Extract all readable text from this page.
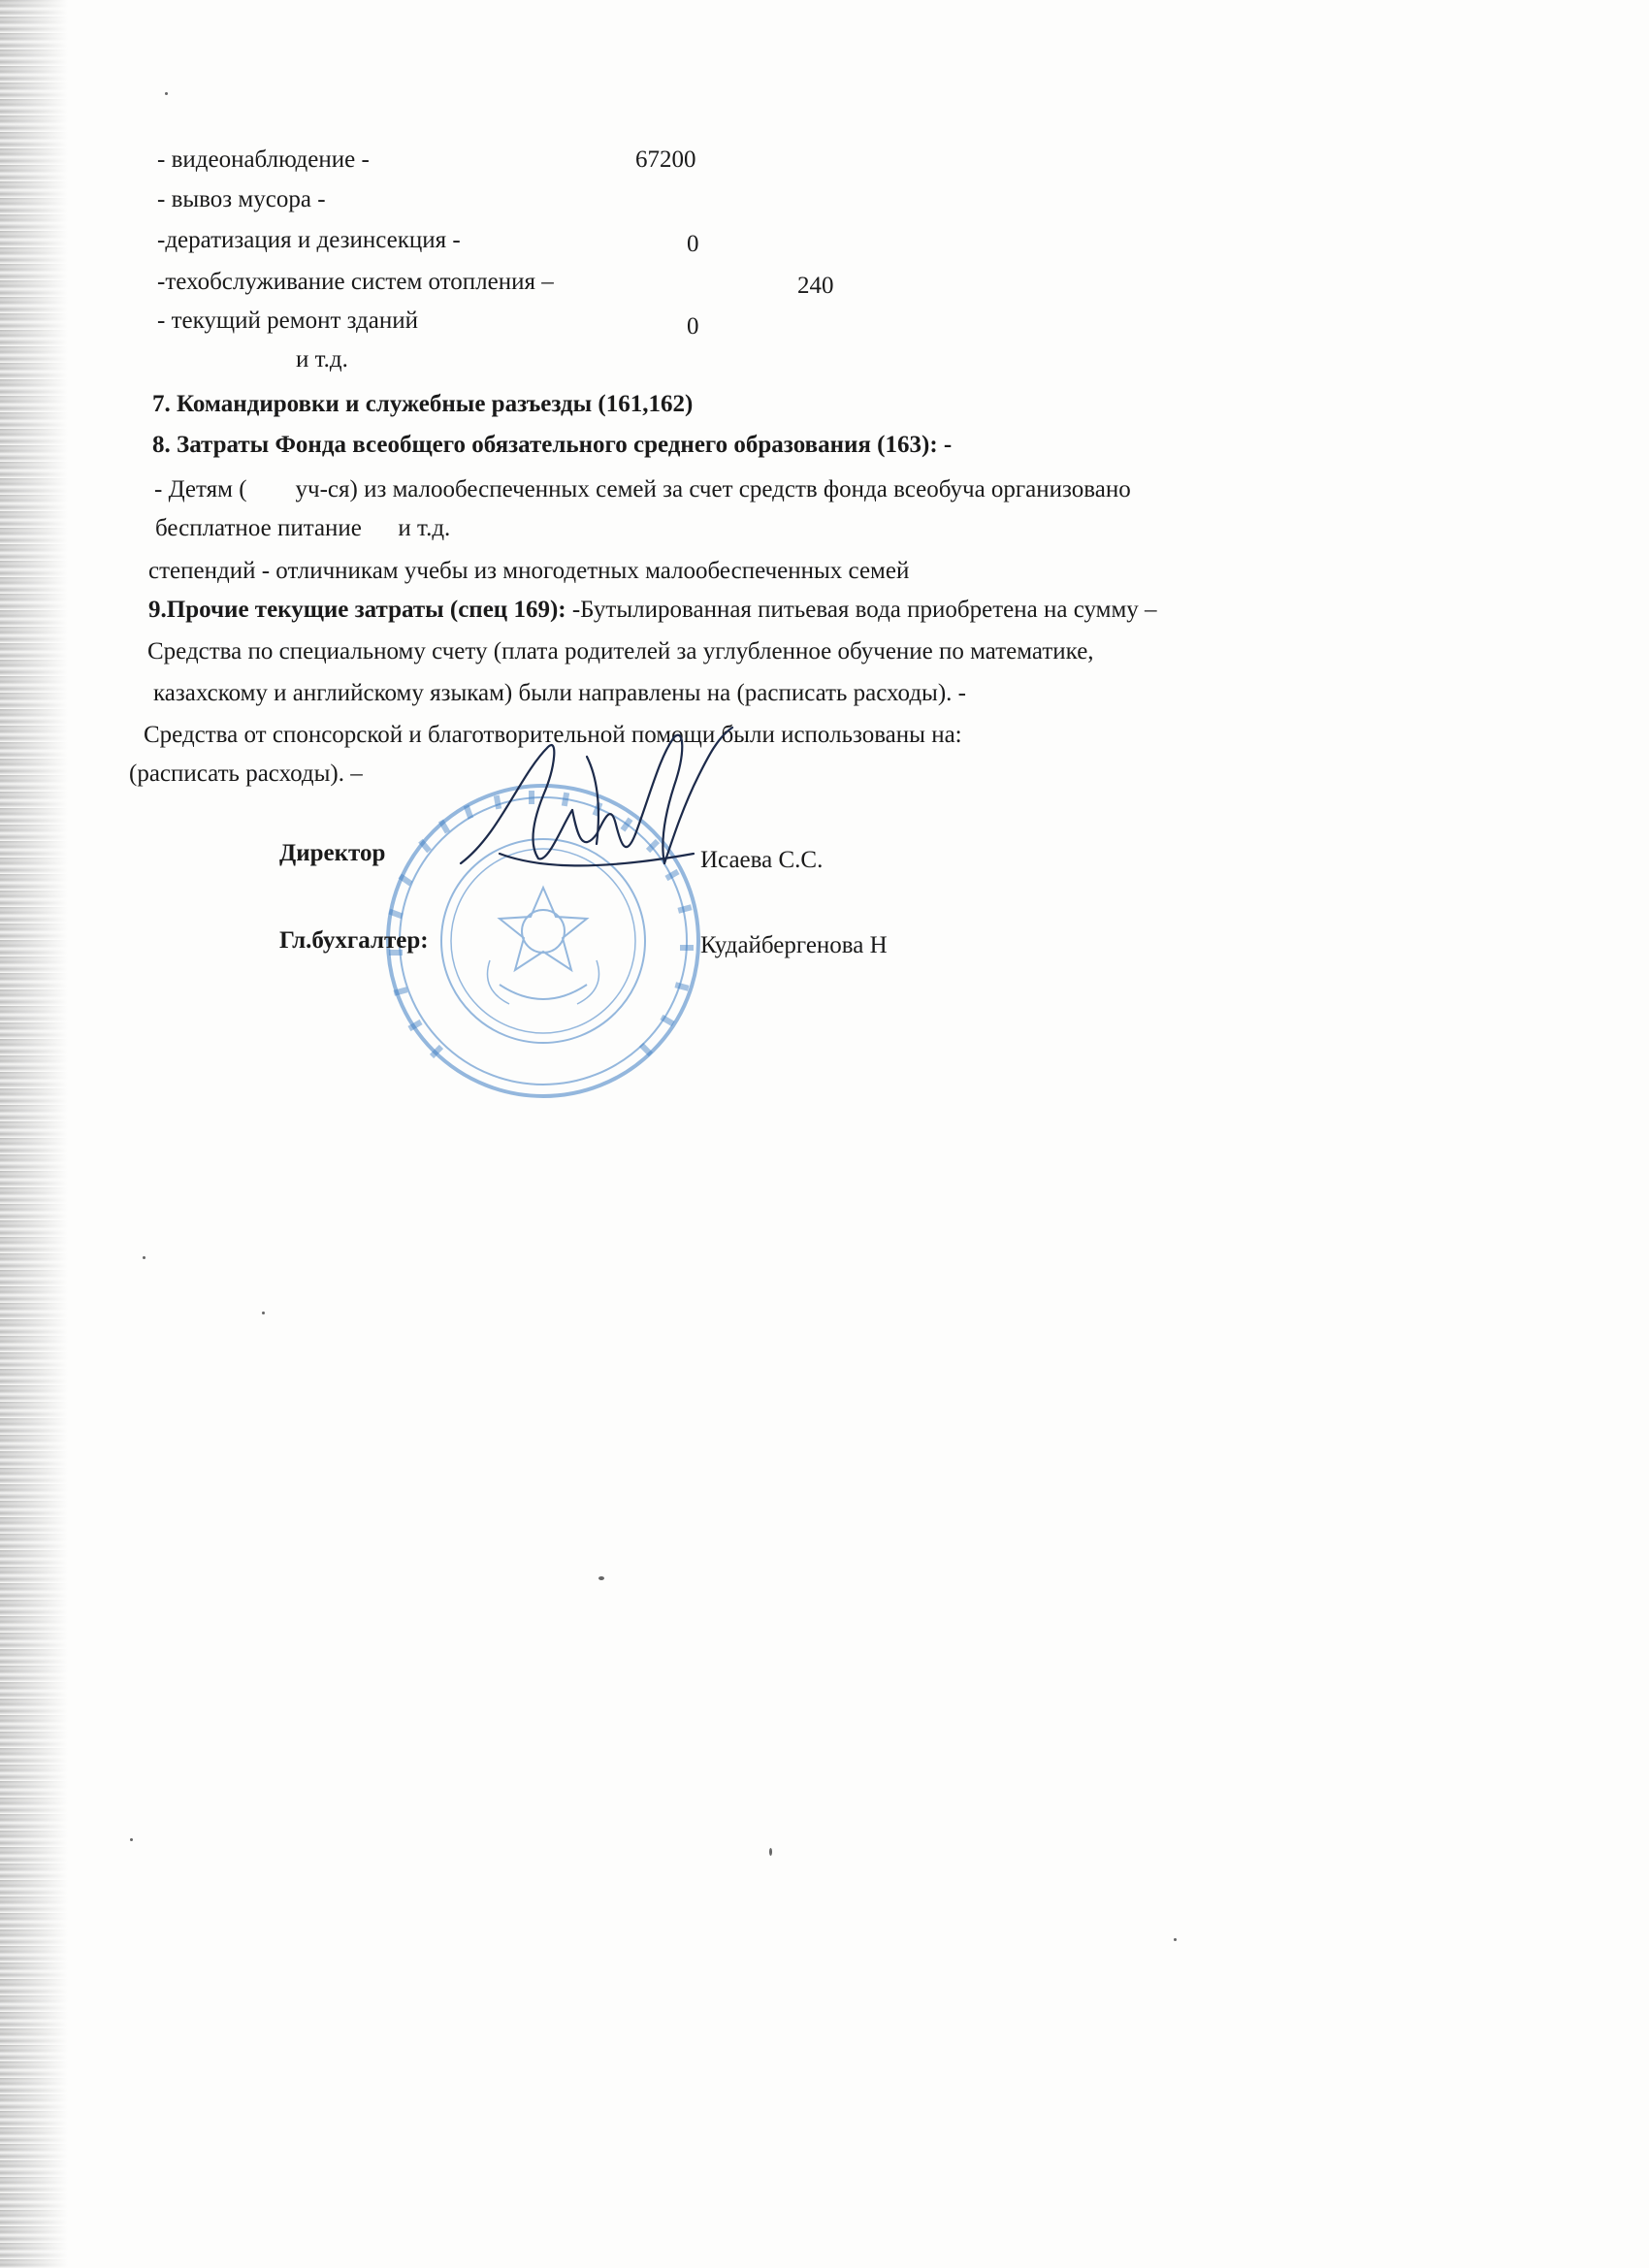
- видеонаблюдение -	67200
- вывоз мусора -
-дератизация и дезинсекция -	0
-техобслуживание систем отопления –	240
- текущий ремонт зданий	0
и т.д.
7. Командировки и служебные разъезды (161,162)
8. Затраты Фонда всеобщего обязательного среднего образования (163): -
- Детям (        уч-ся) из малообеспеченных семей за счет средств фонда всеобуча организовано
бесплатное питание      и т.д.
степендий - отличникам учебы из многодетных малообеспеченных семей
9.Прочие текущие затраты (спец 169): -Бутылированная питьевая вода приобретена на сумму –
Средства по специальному счету (плата родителей за углубленное обучение по математике,
казахскому и английскому языкам) были направлены на (расписать расходы). -
Средства от спонсорской и благотворительной помощи были использованы на:
(расписать расходы). –
Директор	Исаева С.С.
Гл.бухгалтер:	Кудайбергенова Н
